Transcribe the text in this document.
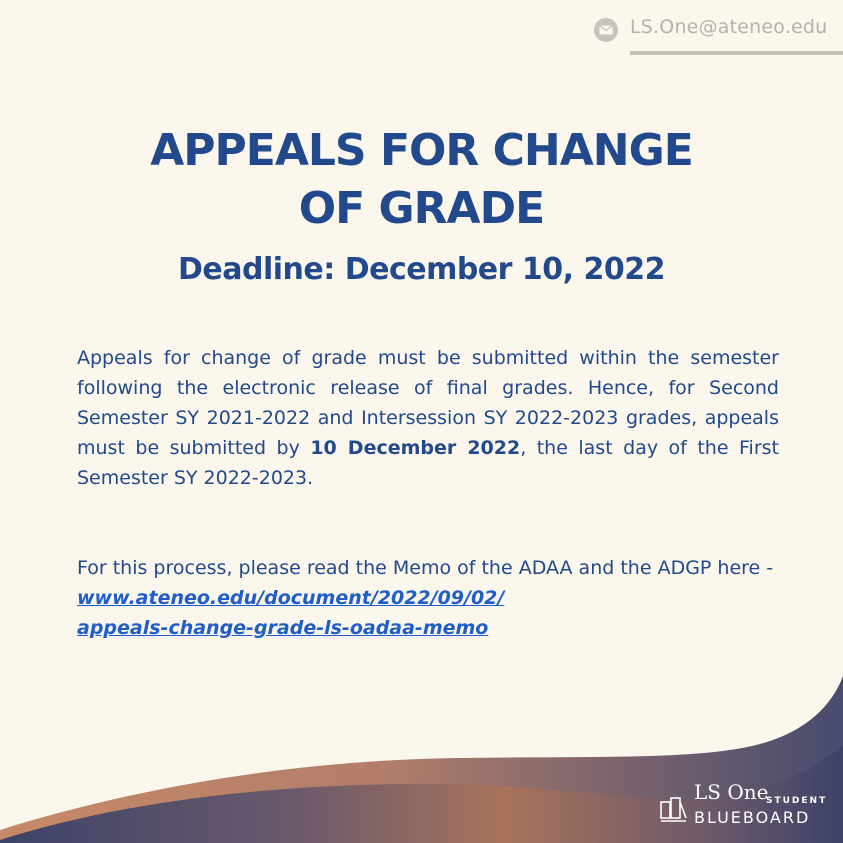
LS.One@ateneo.edu
APPEALS FOR CHANGE
OF GRADE
Deadline: December 10, 2022

Appeals for change of grade must be submitted within the semester following the electronic release of final grades. Hence, for Second Semester SY 2021-2022 and Intersession SY 2022-2023 grades, appeals must be submitted by 10 December 2022, the last day of the First Semester SY 2022-2023.

For this process, please read the Memo of the ADAA and the ADGP here - www.ateneo.edu/document/2022/09/02/
appeals-change-grade-ls-oadaa-memo

LS One
STUDENT
BLUEBOARD
